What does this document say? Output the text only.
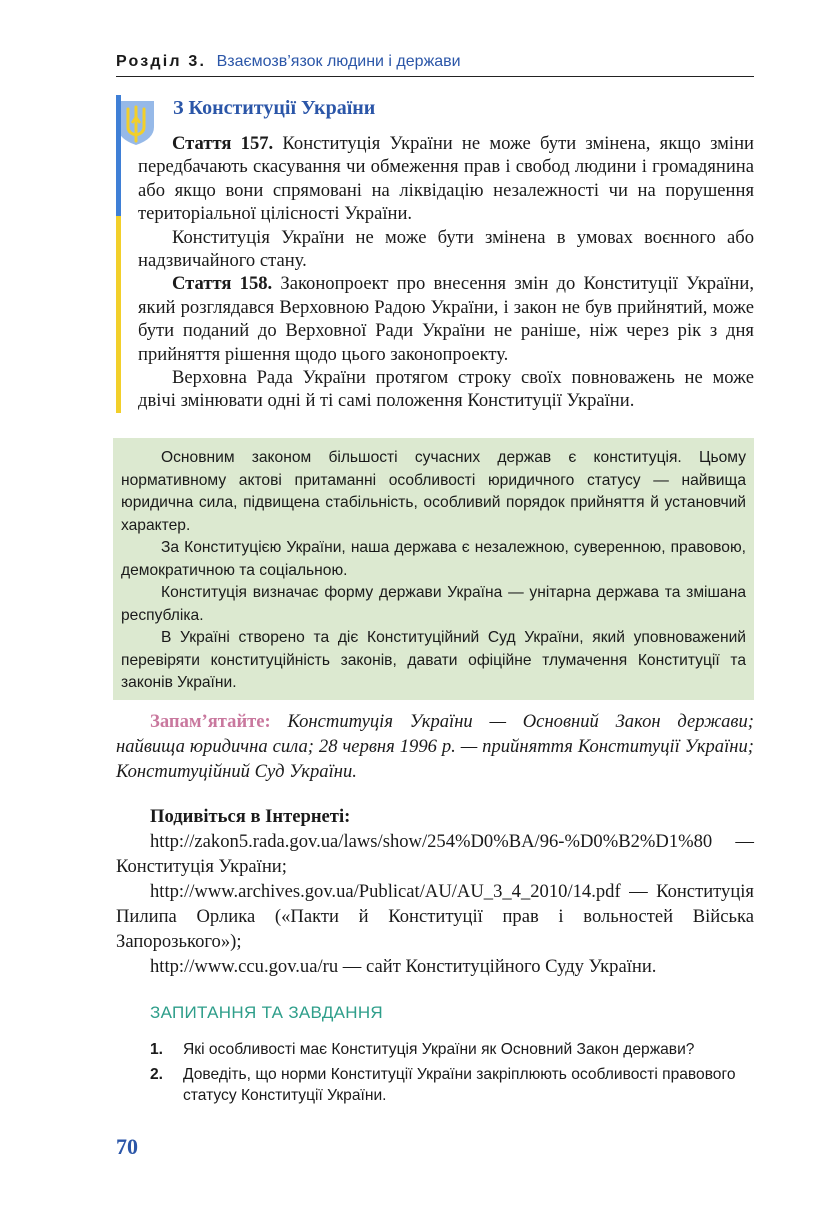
Розділ 3. Взаємозв’язок людини і держави
З Конституції України

Стаття 157. Конституція України не може бути змінена, якщо зміни передбачають скасування чи обмеження прав і свобод людини і громадянина або якщо вони спрямовані на ліквідацію незалежності чи на порушення територіальної цілісності України.

Конституція України не може бути змінена в умовах воєнного або надзвичайного стану.

Стаття 158. Законопроект про внесення змін до Конституції України, який розглядався Верховною Радою України, і закон не був прийнятий, може бути поданий до Верховної Ради України не раніше, ніж через рік з дня прийняття рішення щодо цього законопроекту.

Верховна Рада України протягом строку своїх повноважень не може двічі змінювати одні й ті самі положення Конституції України.

Основним законом більшості сучасних держав є конституція. Цьому нормативному актові притаманні особливості юридичного статусу — найвища юридична сила, підвищена стабільність, особливий порядок прийняття й установчий характер.

За Конституцією України, наша держава є незалежною, суверенною, правовою, демократичною та соціальною.

Конституція визначає форму держави Україна — унітарна держава та змішана республіка.

В Україні створено та діє Конституційний Суд України, який уповноважений перевіряти конституційність законів, давати офіційне тлумачення Конституції та законів України.

Запам’ятайте: Конституція України — Основний Закон держави; найвища юридична сила; 28 червня 1996 р. — прийняття Конституції України; Конституційний Суд України.

Подивіться в Інтернеті:

http://zakon5.rada.gov.ua/laws/show/254%D0%BA/96-%D0%B2%D1%80 — Конституція України;

http://www.archives.gov.ua/Publicat/AU/AU_3_4_2010/14.pdf — Конституція Пилипа Орлика («Пакти й Конституції прав і вольностей Війська Запорозького»);

http://www.ccu.gov.ua/ru — сайт Конституційного Суду України.

ЗАПИТАННЯ ТА ЗАВДАННЯ
1. Які особливості має Конституція України як Основний Закон держави?
2. Доведіть, що норми Конституції України закріплюють особливості правового статусу Конституції України.
70
